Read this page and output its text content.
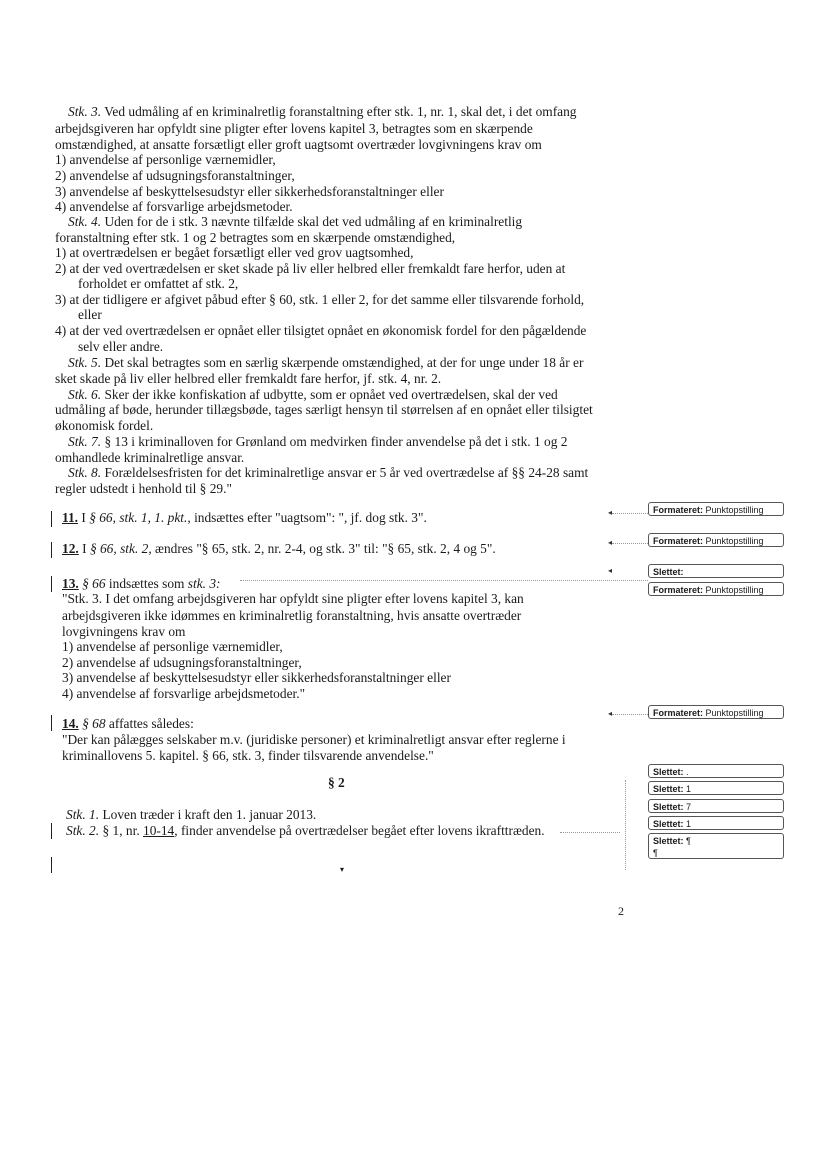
Stk. 3. Ved udmåling af en kriminalretlig foranstaltning efter stk. 1, nr. 1, skal det, i det omfang
arbejdsgiveren har opfyldt sine pligter efter lovens kapitel 3, betragtes som en skærpende
omstændighed, at ansatte forsætligt eller groft uagtsomt overtræder lovgivningens krav om
1) anvendelse af personlige værnemidler,
2) anvendelse af udsugningsforanstaltninger,
3) anvendelse af beskyttelsesudstyr eller sikkerhedsforanstaltninger eller
4) anvendelse af forsvarlige arbejdsmetoder.
Stk. 4. Uden for de i stk. 3 nævnte tilfælde skal det ved udmåling af en kriminalretlig
foranstaltning efter stk. 1 og 2 betragtes som en skærpende omstændighed,
1) at overtrædelsen er begået forsætligt eller ved grov uagtsomhed,
2) at der ved overtrædelsen er sket skade på liv eller helbred eller fremkaldt fare herfor, uden at
forholdet er omfattet af stk. 2,
3) at der tidligere er afgivet påbud efter § 60, stk. 1 eller 2, for det samme eller tilsvarende forhold,
eller
4) at der ved overtrædelsen er opnået eller tilsigtet opnået en økonomisk fordel for den pågældende
selv eller andre.
Stk. 5. Det skal betragtes som en særlig skærpende omstændighed, at der for unge under 18 år er
sket skade på liv eller helbred eller fremkaldt fare herfor, jf. stk. 4, nr. 2.
Stk. 6. Sker der ikke konfiskation af udbytte, som er opnået ved overtrædelsen, skal der ved
udmåling af bøde, herunder tillægsbøde, tages særligt hensyn til størrelsen af en opnået eller tilsigtet
økonomisk fordel.
Stk. 7. § 13 i kriminalloven for Grønland om medvirken finder anvendelse på det i stk. 1 og 2
omhandlede kriminalretlige ansvar.
Stk. 8. Forældelsesfristen for det kriminalretlige ansvar er 5 år ved overtrædelse af §§ 24-28 samt
regler udstedt i henhold til § 29."
11. I § 66, stk. 1, 1. pkt., indsættes efter "uagtsom": ", jf. dog stk. 3".
12. I § 66, stk. 2, ændres "§ 65, stk. 2, nr. 2-4, og stk. 3" til: "§ 65, stk. 2, 4 og 5".
13. § 66 indsættes som stk. 3:
"Stk. 3. I det omfang arbejdsgiveren har opfyldt sine pligter efter lovens kapitel 3, kan
arbejdsgiveren ikke idømmes en kriminalretlig foranstaltning, hvis ansatte overtræder
lovgivningens krav om
1) anvendelse af personlige værnemidler,
2) anvendelse af udsugningsforanstaltninger,
3) anvendelse af beskyttelsesudstyr eller sikkerhedsforanstaltninger eller
4) anvendelse af forsvarlige arbejdsmetoder."
14. § 68 affattes således:
"Der kan pålægges selskaber m.v. (juridiske personer) et kriminalretligt ansvar efter reglerne i
kriminallovens 5. kapitel. § 66, stk. 3, finder tilsvarende anvendelse."
§ 2
Stk. 1. Loven træder i kraft den 1. januar 2013.
Stk. 2. § 1, nr. 10-14, finder anvendelse på overtrædelser begået efter lovens ikrafttræden.
▾
2
◂
◂
◂
◂
Formateret: Punktopstilling
Formateret: Punktopstilling
Slettet:
Formateret: Punktopstilling
Formateret: Punktopstilling
Slettet: .
Slettet: 1
Slettet: 7
Slettet: 1
Slettet: ¶
¶
